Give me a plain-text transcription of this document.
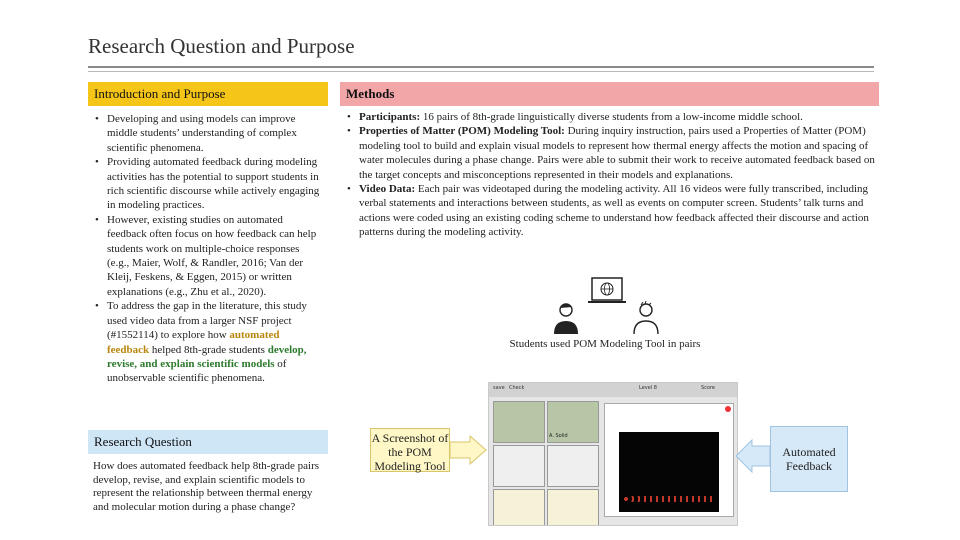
Research Question and Purpose
Introduction and Purpose
• Developing and using models can improve middle students’ understanding of complex scientific phenomena.
• Providing automated feedback during modeling activities has the potential to support students in rich scientific discourse while actively engaging in modeling practices.
• However, existing studies on automated feedback often focus on how feedback can help students work on multiple-choice responses (e.g., Maier, Wolf, & Randler, 2016; Van der Kleij, Feskens, & Eggen, 2015) or written explanations (e.g., Zhu et al., 2020).
• To address the gap in the literature, this study used video data from a larger NSF project (#1552114) to explore how automated feedback helped 8th-grade students develop, revise, and explain scientific models of unobservable scientific phenomena.
Methods
• Participants: 16 pairs of 8th-grade linguistically diverse students from a low-income middle school.
• Properties of Matter (POM) Modeling Tool: During inquiry instruction, pairs used a Properties of Matter (POM) modeling tool to build and explain visual models to represent how thermal energy affects the motion and spacing of water molecules during a phase change. Pairs were able to submit their work to receive automated feedback based on the target concepts and misconceptions represented in their models and explanations.
• Video Data: Each pair was videotaped during the modeling activity. All 16 videos were fully transcribed, including verbal statements and interactions between students, as well as events on computer screen. Students’ talk turns and actions were coded using an existing coding scheme to understand how feedback affected their discourse and action patterns during the modeling activity.
Students used POM Modeling Tool in pairs
save Check	Level 8	Score
A. Solid
A Screenshot of the POM Modeling Tool
Automated Feedback
Research Question
How does automated feedback help 8th-grade pairs develop, revise, and explain scientific models to represent the relationship between thermal energy and molecular motion during a phase change?
